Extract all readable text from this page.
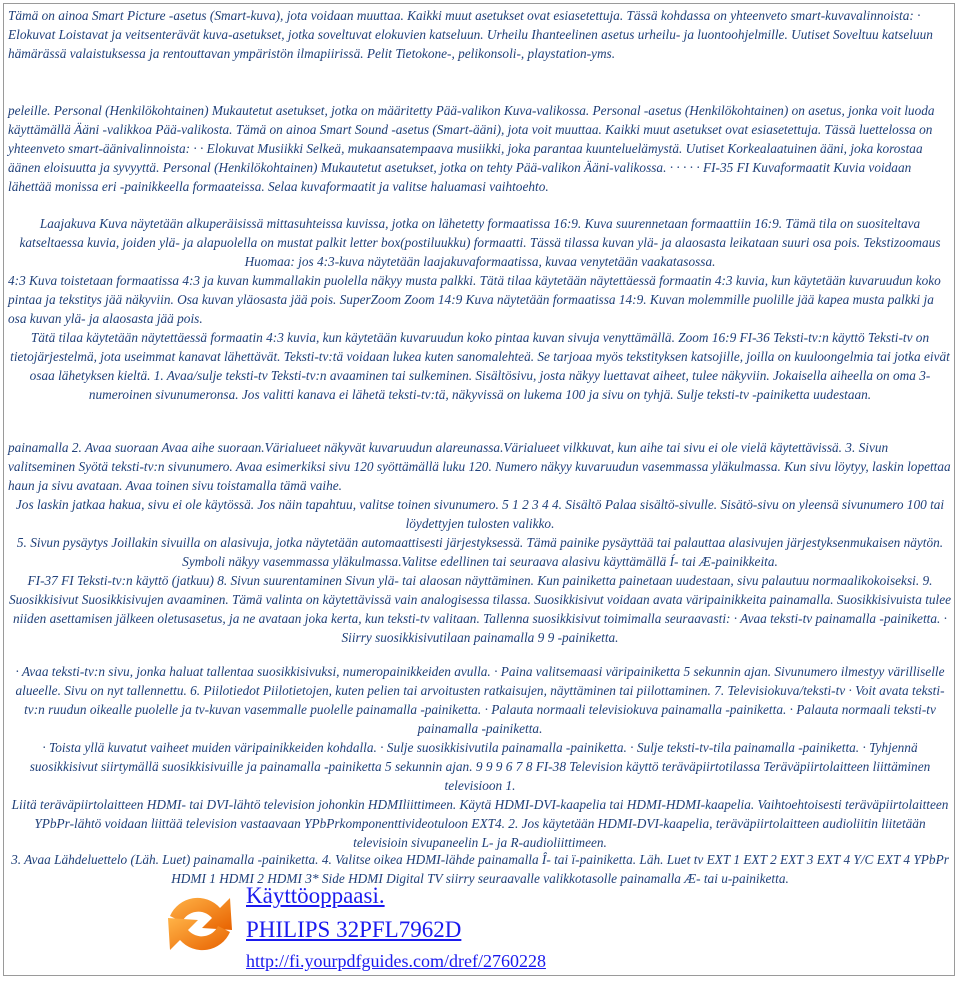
Tämä on ainoa Smart Picture -asetus (Smart-kuva), jota voidaan muuttaa. Kaikki muut asetukset ovat esiasetettuja. Tässä kohdassa on yhteenveto smart-kuvavalinnoista: · Elokuvat Loistavat ja veitsenterävät kuva-asetukset, jotka soveltuvat elokuvien katseluun. Urheilu Ihanteelinen asetus urheilu- ja luontoohjelmille. Uutiset Soveltuu katseluun hämärässä valaistuksessa ja rentouttavan ympäristön ilmapiirissä. Pelit Tietokone-, pelikonsoli-, playstation-yms.

peleille. Personal (Henkilökohtainen) Mukautetut asetukset, jotka on määritetty Pää-valikon Kuva-valikossa. Personal -asetus (Henkilökohtainen) on asetus, jonka voit luoda käyttämällä Ääni -valikkoa Pää-valikosta. Tämä on ainoa Smart Sound -asetus (Smart-ääni), jota voit muuttaa. Kaikki muut asetukset ovat esiasetettuja. Tässä luettelossa on yhteenveto smart-äänivalinnoista: · · Elokuvat Musiikki Selkeä, mukaansatempaava musiikki, joka parantaa kuunteluelämystä. Uutiset Korkealaatuinen ääni, joka korostaa äänen eloisuutta ja syvyyttä. Personal (Henkilökohtainen) Mukautetut asetukset, jotka on tehty Pää-valikon Ääni-valikossa. · · · · · FI-35 FI Kuvaformaatit Kuvia voidaan lähettää monissa eri -painikkeella formaateissa. Selaa kuvaformaatit ja valitse haluamasi vaihtoehto.

Laajakuva Kuva näytetään alkuperäisissä mittasuhteissa kuvissa, jotka on lähetetty formaatissa 16:9. Kuva suurennetaan formaattiin 16:9. Tämä tila on suositeltava katseltaessa kuvia, joiden ylä- ja alapuolella on mustat palkit letter box(postiluukku) formaatti. Tässä tilassa kuvan ylä- ja alaosasta leikataan suuri osa pois. Tekstizoomaus Huomaa: jos 4:3-kuva näytetään laajakuvaformaatissa, kuvaa venytetään vaakatasossa.

4:3 Kuva toistetaan formaatissa 4:3 ja kuvan kummallakin puolella näkyy musta palkki. Tätä tilaa käytetään näytettäessä formaatin 4:3 kuvia, kun käytetään kuvaruudun koko pintaa ja tekstitys jää näkyviin. Osa kuvan yläosasta jää pois. SuperZoom Zoom 14:9 Kuva näytetään formaatissa 14:9. Kuvan molemmille puolille jää kapea musta palkki ja osa kuvan ylä- ja alaosasta jää pois.

Tätä tilaa käytetään näytettäessä formaatin 4:3 kuvia, kun käytetään kuvaruudun koko pintaa kuvan sivuja venyttämällä. Zoom 16:9 FI-36 Teksti-tv:n käyttö Teksti-tv on tietojärjestelmä, jota useimmat kanavat lähettävät. Teksti-tv:tä voidaan lukea kuten sanomalehteä. Se tarjoaa myös tekstityksen katsojille, joilla on kuuloongelmia tai jotka eivät osaa lähetyksen kieltä. 1. Avaa/sulje teksti-tv Teksti-tv:n avaaminen tai sulkeminen. Sisältösivu, josta näkyy luettavat aiheet, tulee näkyviin. Jokaisella aiheella on oma 3-numeroinen sivunumeronsa. Jos valitti kanava ei lähetä teksti-tv:tä, näkyvissä on lukema 100 ja sivu on tyhjä. Sulje teksti-tv -painiketta uudestaan.

painamalla 2. Avaa suoraan Avaa aihe suoraan.Värialueet näkyvät kuvaruudun alareunassa.Värialueet vilkkuvat, kun aihe tai sivu ei ole vielä käytettävissä. 3. Sivun valitseminen Syötä teksti-tv:n sivunumero. Avaa esimerkiksi sivu 120 syöttämällä luku 120. Numero näkyy kuvaruudun vasemmassa yläkulmassa. Kun sivu löytyy, laskin lopettaa haun ja sivu avataan. Avaa toinen sivu toistamalla tämä vaihe.

Jos laskin jatkaa hakua, sivu ei ole käytössä. Jos näin tapahtuu, valitse toinen sivunumero. 5 1 2 3 4 4. Sisältö Palaa sisältö-sivulle. Sisätö-sivu on yleensä sivunumero 100 tai löydettyjen tulosten valikko.

5. Sivun pysäytys Joillakin sivuilla on alasivuja, jotka näytetään automaattisesti järjestyksessä. Tämä painike pysäyttää tai palauttaa alasivujen järjestyksenmukaisen näytön. Symboli näkyy vasemmassa yläkulmassa.Valitse edellinen tai seuraava alasivu käyttämällä Í- tai Æ-painikkeita.

FI-37 FI Teksti-tv:n käyttö (jatkuu) 8. Sivun suurentaminen Sivun ylä- tai alaosan näyttäminen. Kun painiketta painetaan uudestaan, sivu palautuu normaalikokoiseksi. 9. Suosikkisivut Suosikkisivujen avaaminen. Tämä valinta on käytettävissä vain analogisessa tilassa. Suosikkisivut voidaan avata väripainikkeita painamalla. Suosikkisivuista tulee niiden asettamisen jälkeen oletusasetus, ja ne avataan joka kerta, kun teksti-tv valitaan. Tallenna suosikkisivut toimimalla seuraavasti: · Avaa teksti-tv painamalla -painiketta. · Siirry suosikkisivutilaan painamalla 9 9 -painiketta.

· Avaa teksti-tv:n sivu, jonka haluat tallentaa suosikkisivuksi, numeropainikkeiden avulla. · Paina valitsemaasi väripainiketta 5 sekunnin ajan. Sivunumero ilmestyy värilliselle alueelle. Sivu on nyt tallennettu. 6. Piilotiedot Piilotietojen, kuten pelien tai arvoitusten ratkaisujen, näyttäminen tai piilottaminen. 7. Televisiokuva/teksti-tv · Voit avata teksti-tv:n ruudun oikealle puolelle ja tv-kuvan vasemmalle puolelle painamalla -painiketta. · Palauta normaali televisiokuva painamalla -painiketta. · Palauta normaali teksti-tv painamalla -painiketta.

· Toista yllä kuvatut vaiheet muiden väripainikkeiden kohdalla. · Sulje suosikkisivutila painamalla -painiketta. · Sulje teksti-tv-tila painamalla -painiketta. · Tyhjennä suosikkisivut siirtymällä suosikkisivuille ja painamalla -painiketta 5 sekunnin ajan. 9 9 9 6 7 8 FI-38 Television käyttö teräväpiirtotilassa Teräväpiirtolaitteen liittäminen televisioon 1.

Liitä teräväpiirtolaitteen HDMI- tai DVI-lähtö television johonkin HDMIliittimeen. Käytä HDMI-DVI-kaapelia tai HDMI-HDMI-kaapelia. Vaihtoehtoisesti teräväpiirtolaitteen YPbPr-lähtö voidaan liittää television vastaavaan YPbPrkomponenttivideotuloon EXT4. 2. Jos käytetään HDMI-DVI-kaapelia, teräväpiirtolaitteen audioliitin liitetään televisioin sivupaneelin L- ja R-audioliittimeen.

3. Avaa Lähdeluettelo (Läh. Luet) painamalla -painiketta. 4. Valitse oikea HDMI-lähde painamalla Î- tai ï-painiketta. Läh. Luet tv EXT 1 EXT 2 EXT 3 EXT 4 Y/C EXT 4 YPbPr HDMI 1 HDMI 2 HDMI 3* Side HDMI Digital TV siirry seuraavalle valikkotasolle painamalla Æ- tai u-painiketta.

Käyttöoppaasi.
PHILIPS 32PFL7962D
http://fi.yourpdfguides.com/dref/2760228
